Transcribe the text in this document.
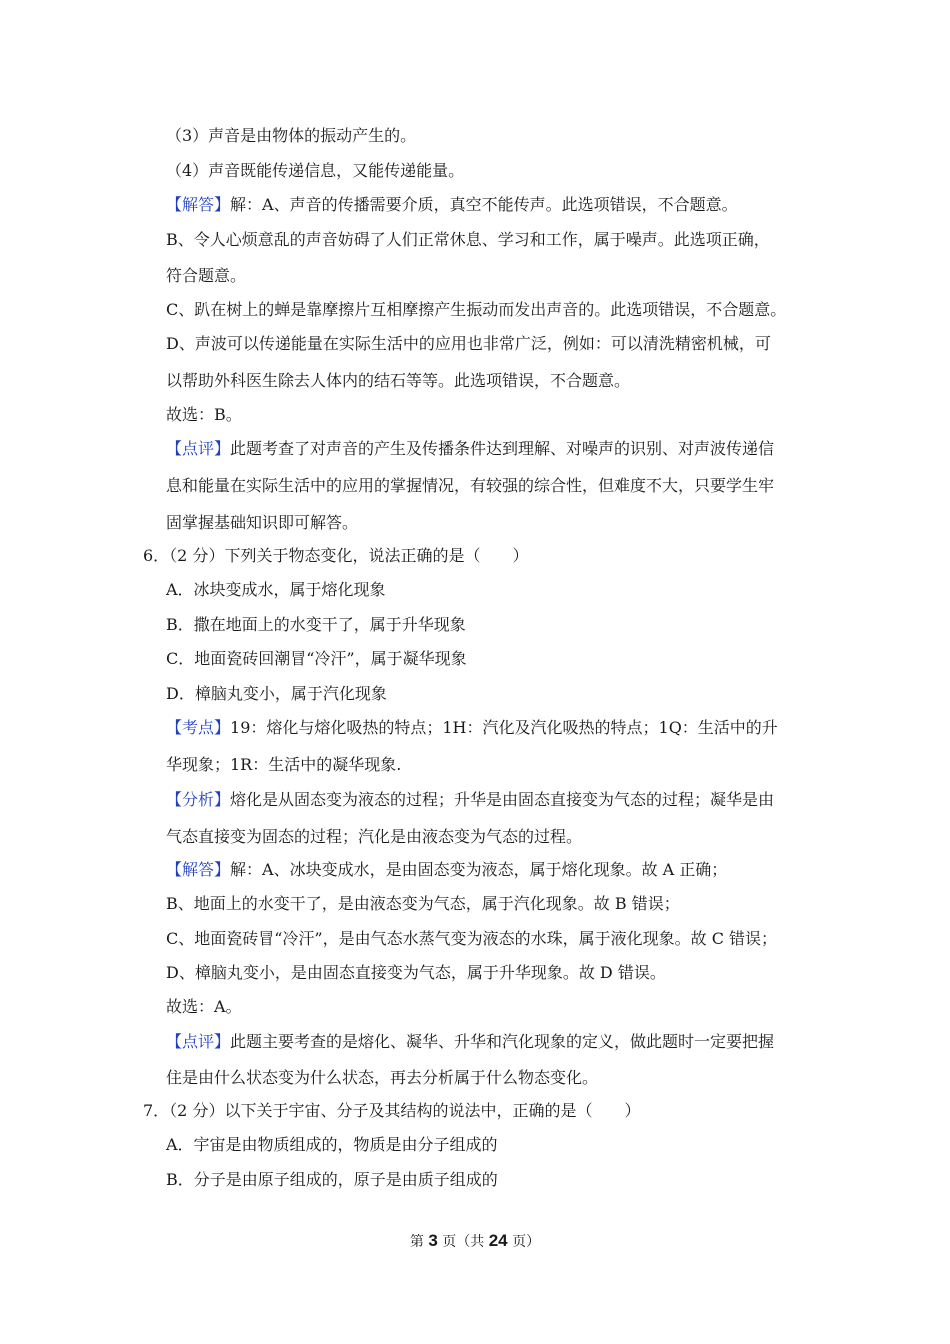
（3）声音是由物体的振动产生的。
（4）声音既能传递信息，又能传递能量。
【解答】解：A、声音的传播需要介质，真空不能传声。此选项错误，不合题意。
B、令人心烦意乱的声音妨碍了人们正常休息、学习和工作，属于噪声。此选项正确，
符合题意。
C、趴在树上的蝉是靠摩擦片互相摩擦产生振动而发出声音的。此选项错误，不合题意。
D、声波可以传递能量在实际生活中的应用也非常广泛，例如：可以清洗精密机械，可
以帮助外科医生除去人体内的结石等等。此选项错误，不合题意。
故选：B。
【点评】此题考查了对声音的产生及传播条件达到理解、对噪声的识别、对声波传递信
息和能量在实际生活中的应用的掌握情况，有较强的综合性，但难度不大，只要学生牢
固掌握基础知识即可解答。
6．（2 分）下列关于物态变化，说法正确的是（　　）
A．冰块变成水，属于熔化现象
B．撒在地面上的水变干了，属于升华现象
C．地面瓷砖回潮冒“冷汗”，属于凝华现象
D．樟脑丸变小，属于汽化现象
【考点】19：熔化与熔化吸热的特点；1H：汽化及汽化吸热的特点；1Q：生活中的升
华现象；1R：生活中的凝华现象.
【分析】熔化是从固态变为液态的过程；升华是由固态直接变为气态的过程；凝华是由
气态直接变为固态的过程；汽化是由液态变为气态的过程。
【解答】解：A、冰块变成水，是由固态变为液态，属于熔化现象。故 A 正确；
B、地面上的水变干了，是由液态变为气态，属于汽化现象。故 B 错误；
C、地面瓷砖冒“冷汗”，是由气态水蒸气变为液态的水珠，属于液化现象。故 C 错误；
D、樟脑丸变小，是由固态直接变为气态，属于升华现象。故 D 错误。
故选：A。
【点评】此题主要考查的是熔化、凝华、升华和汽化现象的定义，做此题时一定要把握
住是由什么状态变为什么状态，再去分析属于什么物态变化。
7．（2 分）以下关于宇宙、分子及其结构的说法中，正确的是（　　）
A．宇宙是由物质组成的，物质是由分子组成的
B．分子是由原子组成的，原子是由质子组成的
第 3 页（共 24 页）
